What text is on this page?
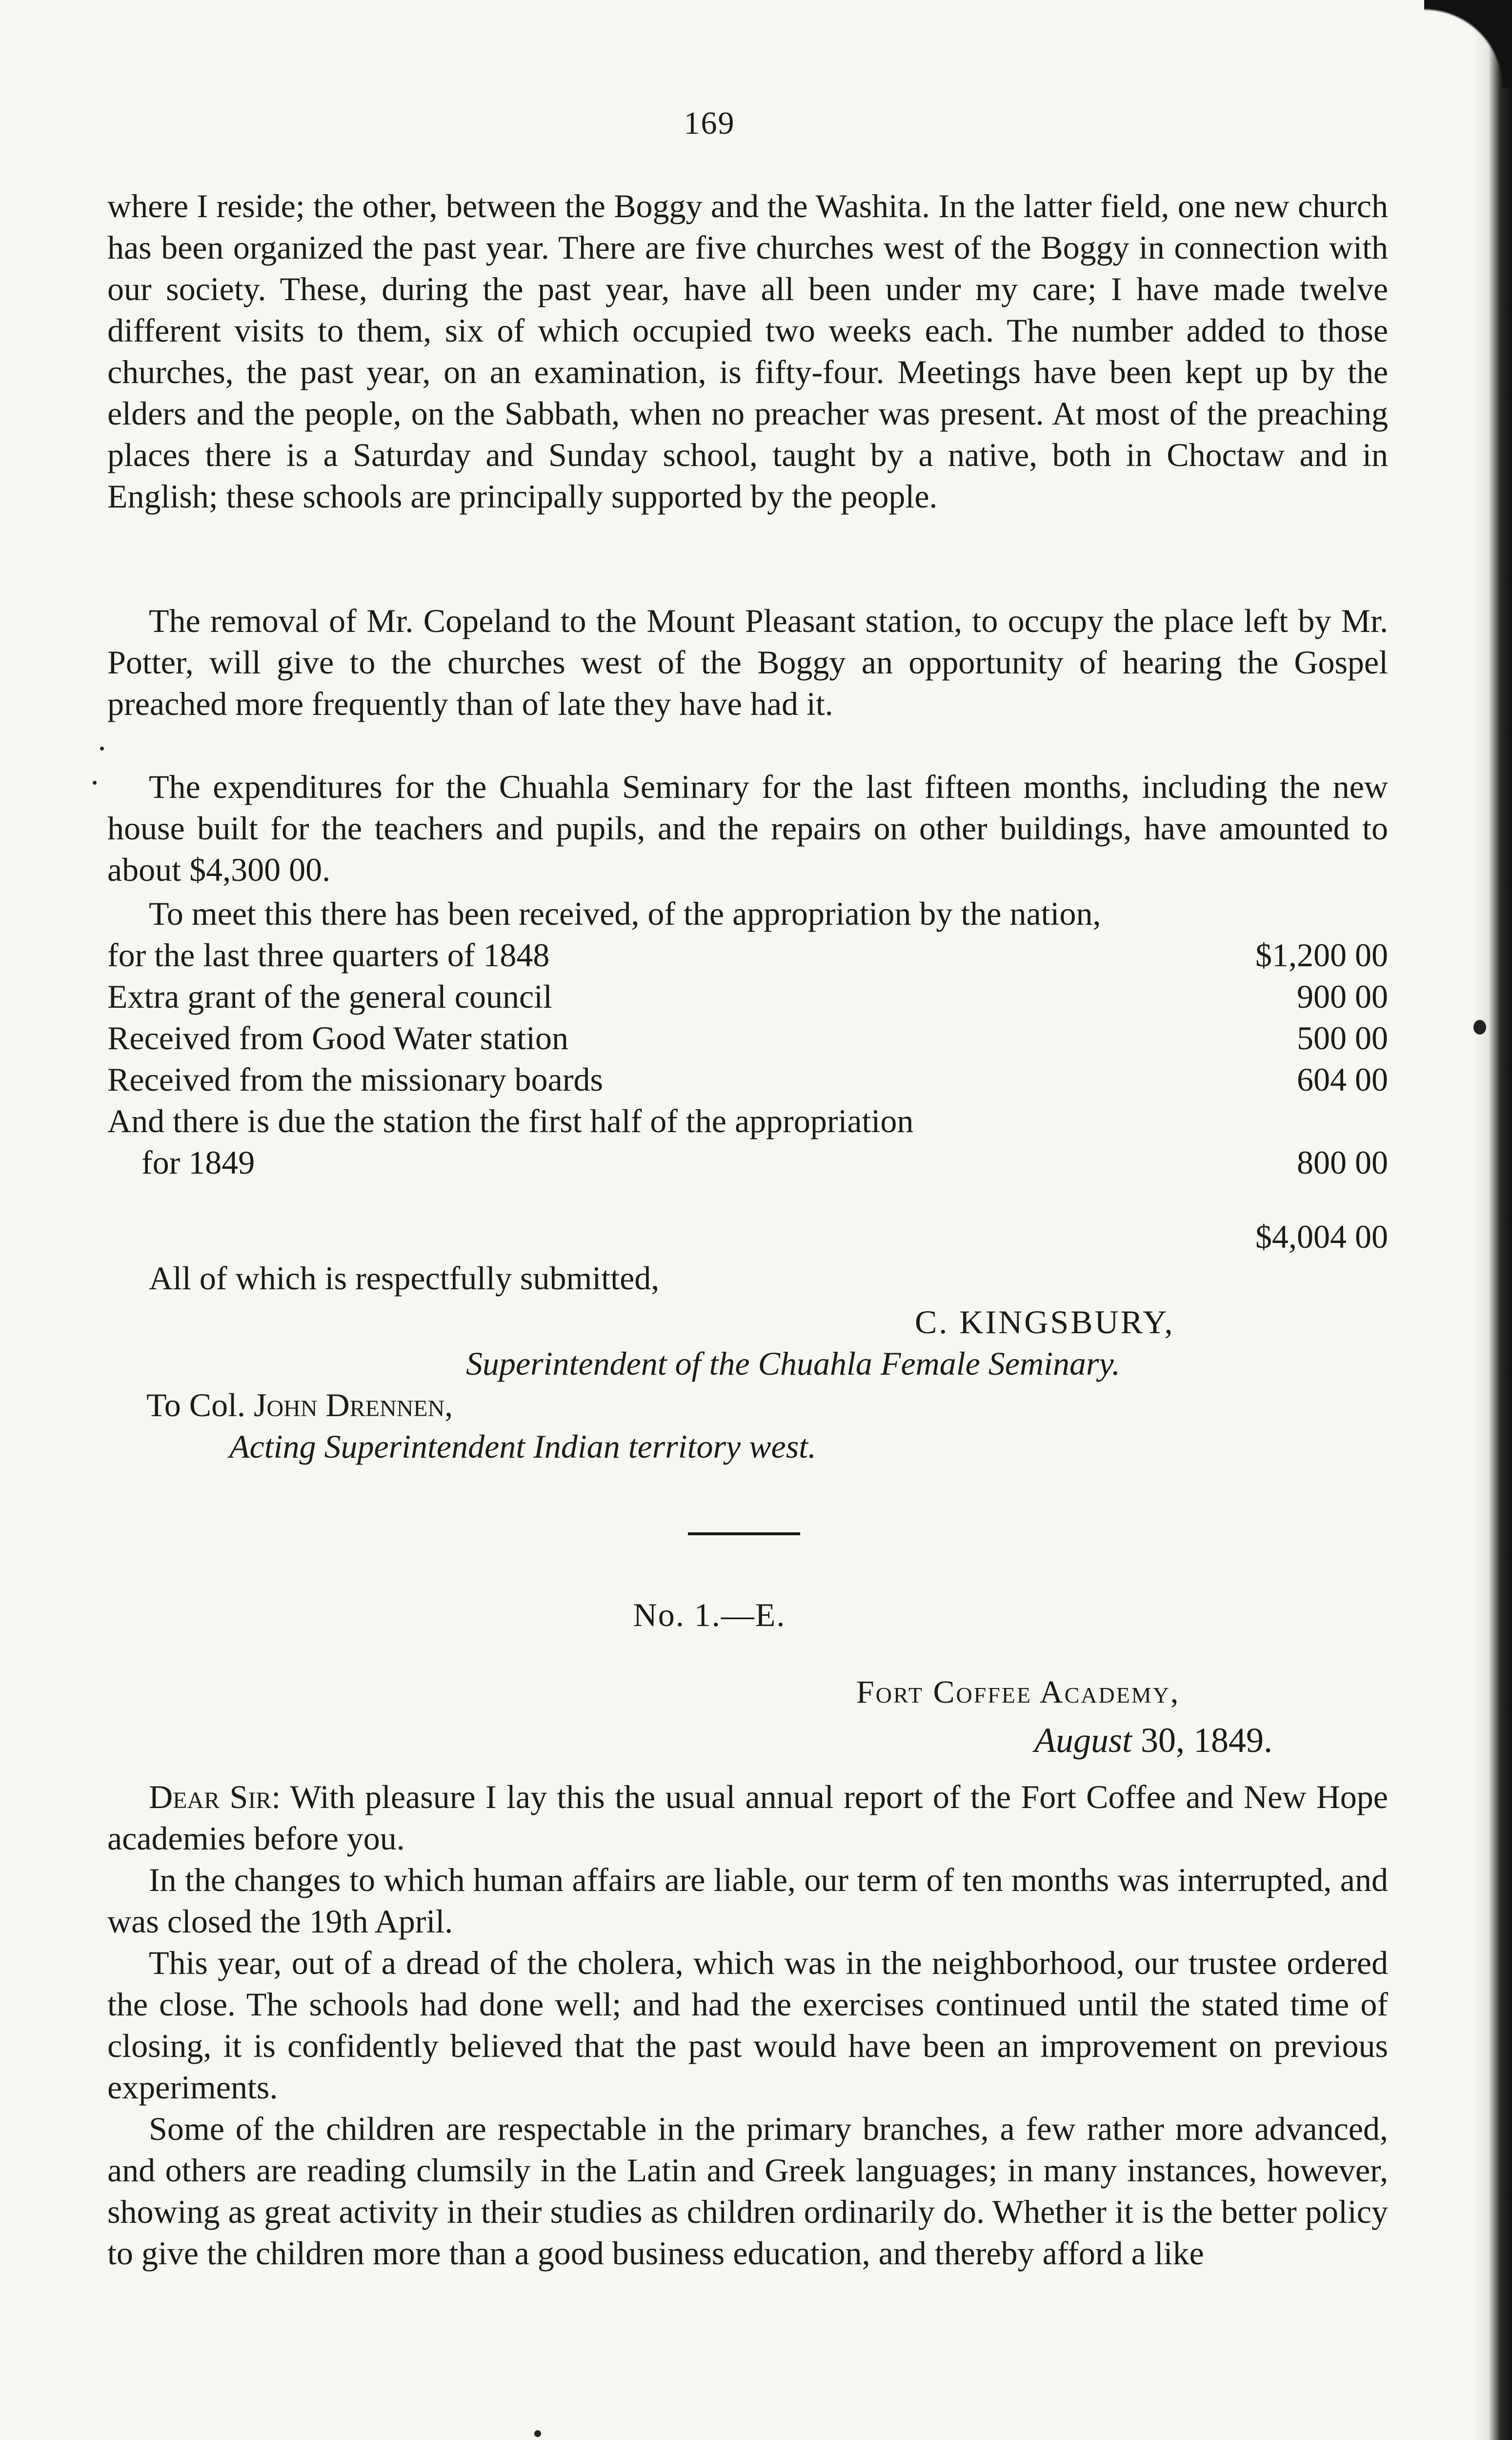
169

where I reside; the other, between the Boggy and the Washita. In the latter field, one new church has been organized the past year. There are five churches west of the Boggy in connection with our society. These, during the past year, have all been under my care; I have made twelve different visits to them, six of which occupied two weeks each. The number added to those churches, the past year, on an examination, is fifty-four. Meetings have been kept up by the elders and the people, on the Sabbath, when no preacher was present. At most of the preaching places there is a Saturday and Sunday school, taught by a native, both in Choctaw and in English; these schools are principally supported by the people.

The removal of Mr. Copeland to the Mount Pleasant station, to occupy the place left by Mr. Potter, will give to the churches west of the Boggy an opportunity of hearing the Gospel preached more frequently than of late they have had it.

The expenditures for the Chuahla Seminary for the last fifteen months, including the new house built for the teachers and pupils, and the repairs on other buildings, have amounted to about $4,300 00.

To meet this there has been received, of the appropriation by the nation,

for the last three quarters of 1848	$1,200 00
Extra grant of the general council	900 00
Received from Good Water station	500 00
Received from the missionary boards	604 00
And there is due the station the first half of the appropriation
for 1849	800 00
$4,004 00
All of which is respectfully submitted,
C. KINGSBURY,
Superintendent of the Chuahla Female Seminary.
To Col. John Drennen,
Acting Superintendent Indian territory west.
No. 1.—E.
Fort Coffee Academy,
August 30, 1849.

Dear Sir: With pleasure I lay this the usual annual report of the Fort Coffee and New Hope academies before you.

In the changes to which human affairs are liable, our term of ten months was interrupted, and was closed the 19th April.

This year, out of a dread of the cholera, which was in the neighborhood, our trustee ordered the close. The schools had done well; and had the exercises continued until the stated time of closing, it is confidently believed that the past would have been an improvement on previous experiments.

Some of the children are respectable in the primary branches, a few rather more advanced, and others are reading clumsily in the Latin and Greek languages; in many instances, however, showing as great activity in their studies as children ordinarily do. Whether it is the better policy to give the children more than a good business education, and thereby afford a like
